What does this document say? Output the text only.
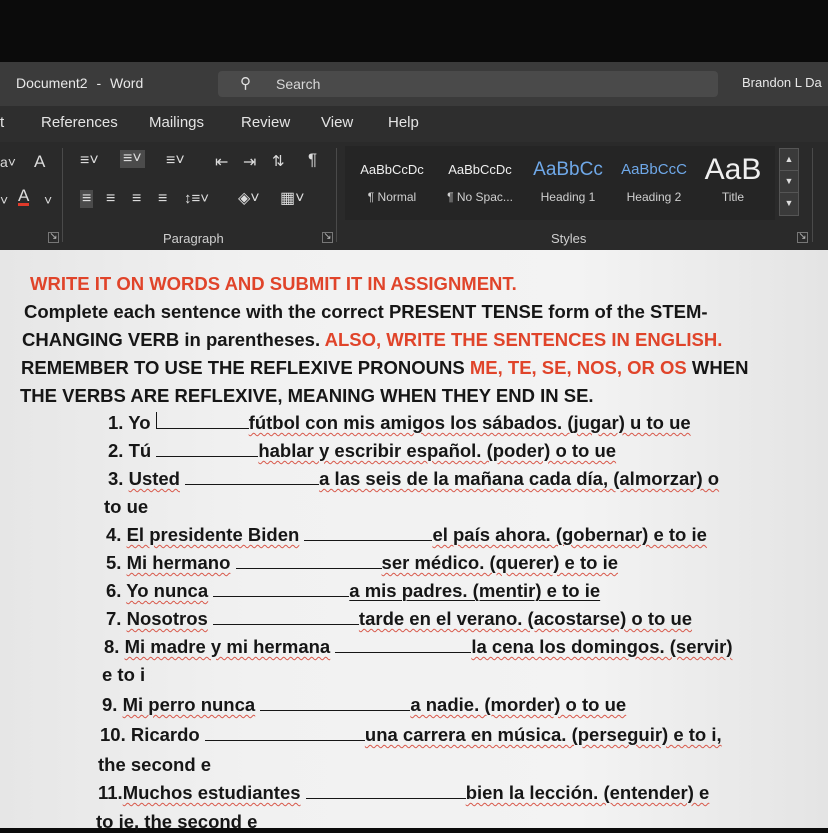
Document2 - Word	⚲ Search	Brandon L Da
t References Mailings Review View Help
a˅ A
˅ A ˅
≡˅ ≡˅ ≡˅ ⇤ ⇥ ⇅ ¶
≡ ≡ ≡ ≡ ↕≡˅ ◈˅ ▦˅
AaBbCcDc
¶ Normal
AaBbCcDc
¶ No Spac...
AaBbCc
Heading 1
AaBbCcC
Heading 2
AaB
Title
▲
▼
▼
↘	Paragraph	↘	Styles	↘
WRITE IT ON WORDS AND SUBMIT IT IN ASSIGNMENT.
Complete each sentence with the correct PRESENT TENSE form of the STEM-
CHANGING VERB in parentheses. ALSO, WRITE THE SENTENCES IN ENGLISH.
REMEMBER TO USE THE REFLEXIVE PRONOUNS ME, TE, SE, NOS, OR OS WHEN
THE VERBS ARE REFLEXIVE, MEANING WHEN THEY END IN SE.
1. Yo	fútbol con mis amigos los sábados. (jugar) u to ue
2. Tú	hablar y escribir español. (poder) o to ue
3. Usted	a las seis de la mañana cada día, (almorzar) o
to ue
4. El presidente Biden	el país ahora. (gobernar) e to ie
5. Mi hermano	ser médico. (querer) e to ie
6. Yo nunca	a mis padres. (mentir) e to ie
7. Nosotros	tarde en el verano. (acostarse) o to ue
8. Mi madre y mi hermana	la cena los domingos. (servir)
e to i
9. Mi perro nunca	a nadie. (morder) o to ue
10. Ricardo	una carrera en música. (perseguir) e to i,
the second e
11.Muchos estudiantes	bien la lección. (entender) e
to ie, the second e
